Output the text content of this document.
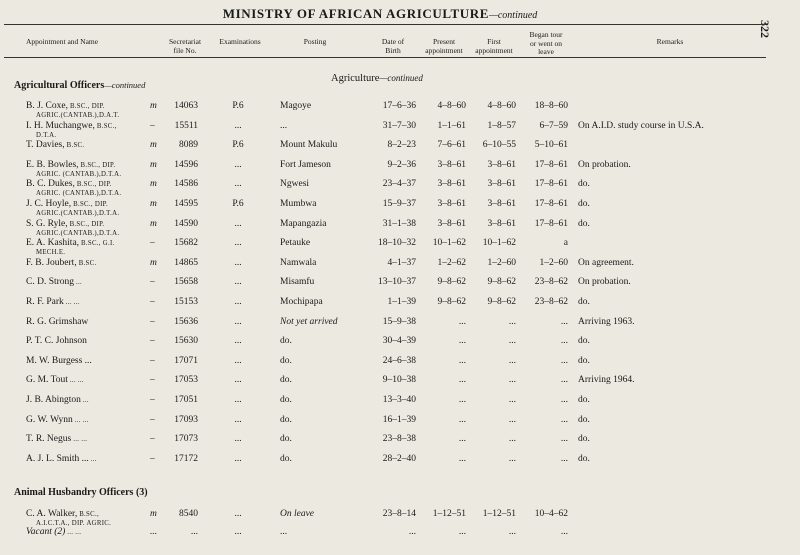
MINISTRY OF AFRICAN AGRICULTURE—continued
322
Appointment and Name	Secretariat
file No.
Examinations	Posting	Date of
Birth
Present
appointment
First
appointment
Began tour
or went on
leave
Remarks
Agriculture—continued
Agricultural Officers—continued
B. J. Coxe, B.SC., DIP.	m	14063	P.6	Magoye	17–6–36	4–8–60	4–8–60	18–8–60
AGRIC.(CANTAB.),D.A.T.
I. H. Muchangwe, B.SC.,	–	15511	...	...	31–7–30	1–1–61	1–8–57	6–7–59 On A.I.D. study course in U.S.A.
D.T.A.
T. Davies, B.SC.	m	8089	P.6	Mount Makulu	8–2–23	7–6–61	6–10–55	5–10–61
E. B. Bowles, B.SC., DIP.	m	14596	...	Fort Jameson	9–2–36	3–8–61	3–8–61	17–8–61 On probation.
AGRIC. (CANTAB.),D.T.A.
B. C. Dukes, B.SC., DIP.	m	14586	...	Ngwesi	23–4–37	3–8–61	3–8–61	17–8–61 do.
AGRIC. (CANTAB.),D.T.A.
J. C. Hoyle, B.SC., DIP.	m	14595	P.6	Mumbwa	15–9–37	3–8–61	3–8–61	17–8–61 do.
AGRIC.(CANTAB.),D.T.A.
S. G. Ryle, B.SC., DIP.	m	14590	...	Mapangazia	31–1–38	3–8–61	3–8–61	17–8–61 do.
AGRIC.(CANTAB.),D.T.A.
E. A. Kashita, B.SC., G.I.	–	15682	...	Petauke	18–10–32	10–1–62	10–1–62	a
MECH.E.
F. B. Joubert, B.SC.	m	14865	...	Namwala	4–1–37	1–2–62	1–2–60	1–2–60 On agreement.
C. D. Strong ...	–	15658	...	Misamfu	13–10–37	9–8–62	9–8–62	23–8–62 On probation.
R. F. Park ... ...	–	15153	...	Mochipapa	1–1–39	9–8–62	9–8–62	23–8–62 do.
R. G. Grimshaw	–	15636	...	Not yet arrived	15–9–38	...	...	... Arriving 1963.
P. T. C. Johnson	–	15630	...	do.	30–4–39	...	...	... do.
M. W. Burgess ...	–	17071	...	do.	24–6–38	...	...	... do.
G. M. Tout ... ...	–	17053	...	do.	9–10–38	...	...	... Arriving 1964.
J. B. Abington ...	–	17051	...	do.	13–3–40	...	...	... do.
G. W. Wynn ... ...	–	17093	...	do.	16–1–39	...	...	... do.
T. R. Negus ... ...	–	17073	...	do.	23–8–38	...	...	... do.
A. J. L. Smith ... ...	–	17172	...	do.	28–2–40	...	...	... do.
Animal Husbandry Officers (3)
C. A. Walker, B.SC.,	m	8540	...	On leave	23–8–14	1–12–51	1–12–51	10–4–62
A.I.C.T.A., DIP. AGRIC.
Vacant (2) ... ...	...	...	...	...	...	...	...	...
